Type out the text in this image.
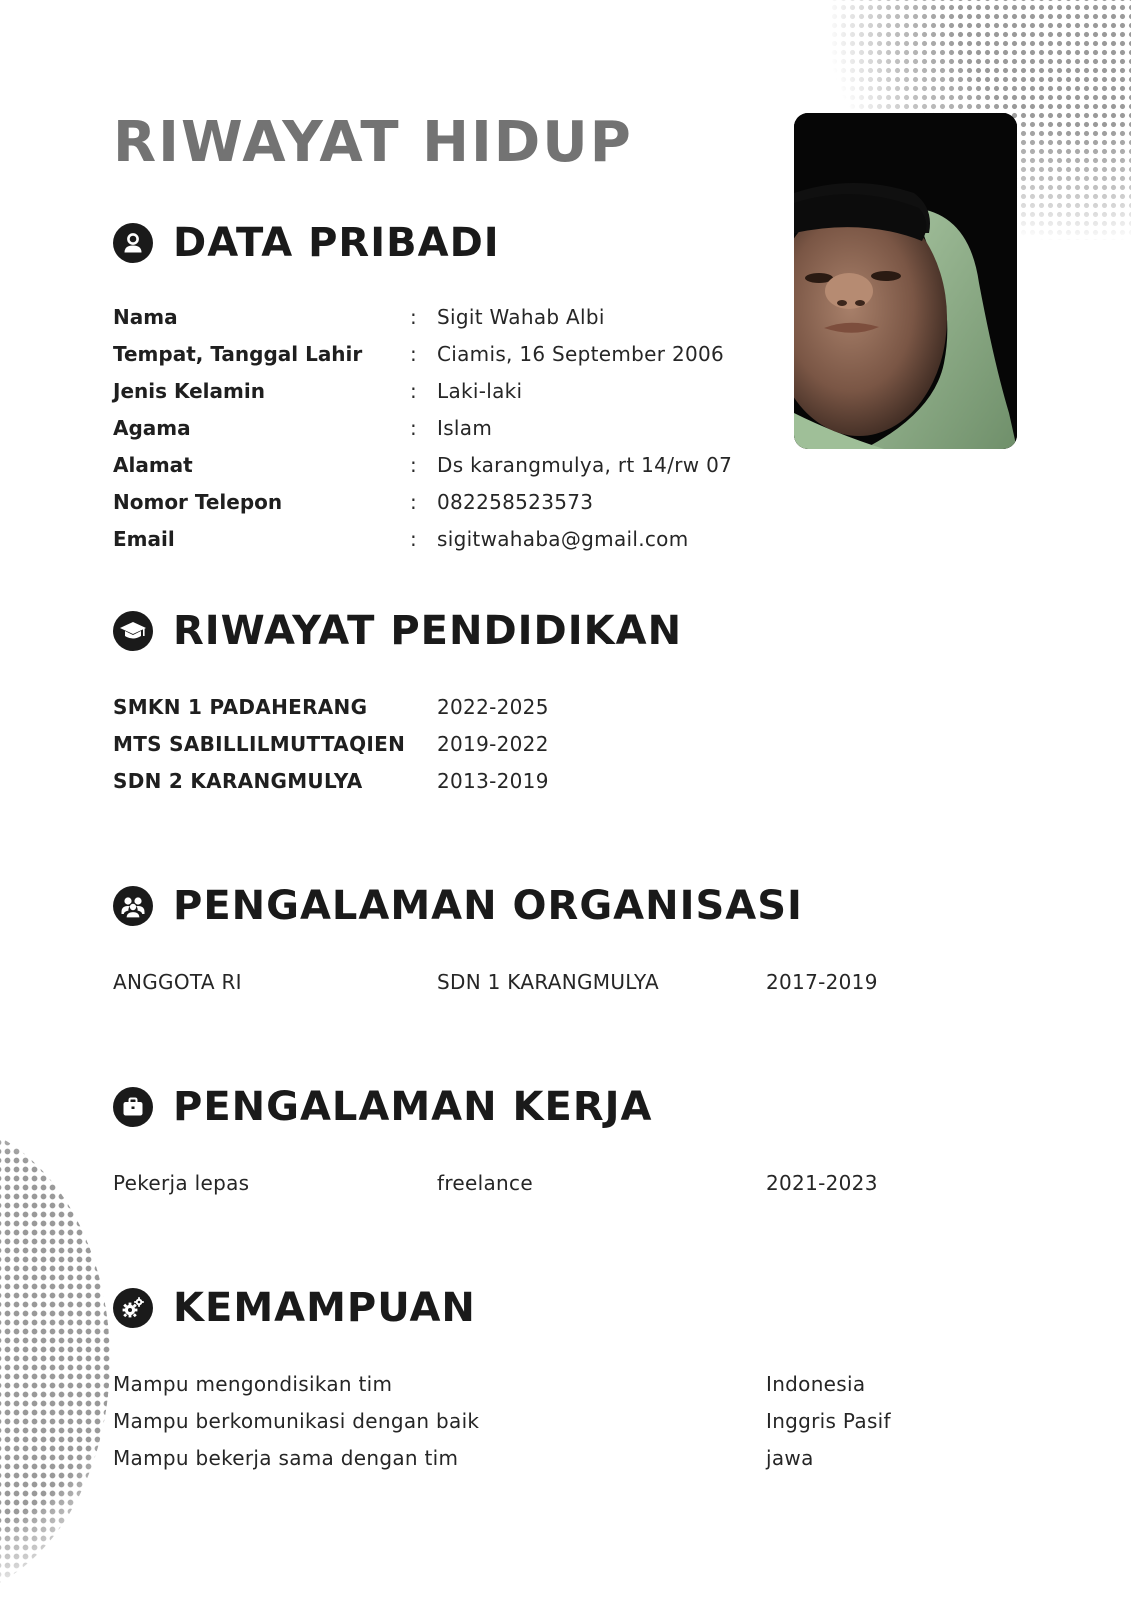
RIWAYAT HIDUP
DATA PRIBADI
Nama	: Sigit Wahab Albi
Tempat, Tanggal Lahir : Ciamis, 16 September 2006
Jenis Kelamin	: Laki-laki
Agama	: Islam
Alamat	: Ds karangmulya, rt 14/rw 07
Nomor Telepon	: 082258523573
Email	: sigitwahaba@gmail.com
RIWAYAT PENDIDIKAN
SMKN 1 PADAHERANG	2022-2025
MTS SABILLILMUTTAQIEN 2019-2022
SDN 2 KARANGMULYA	2013-2019
PENGALAMAN ORGANISASI
ANGGOTA RI	SDN 1 KARANGMULYA	2017-2019
PENGALAMAN KERJA
Pekerja lepas	freelance	2021-2023
KEMAMPUAN
Mampu mengondisikan tim	Indonesia
Mampu berkomunikasi dengan baik	Inggris Pasif
Mampu bekerja sama dengan tim	jawa
